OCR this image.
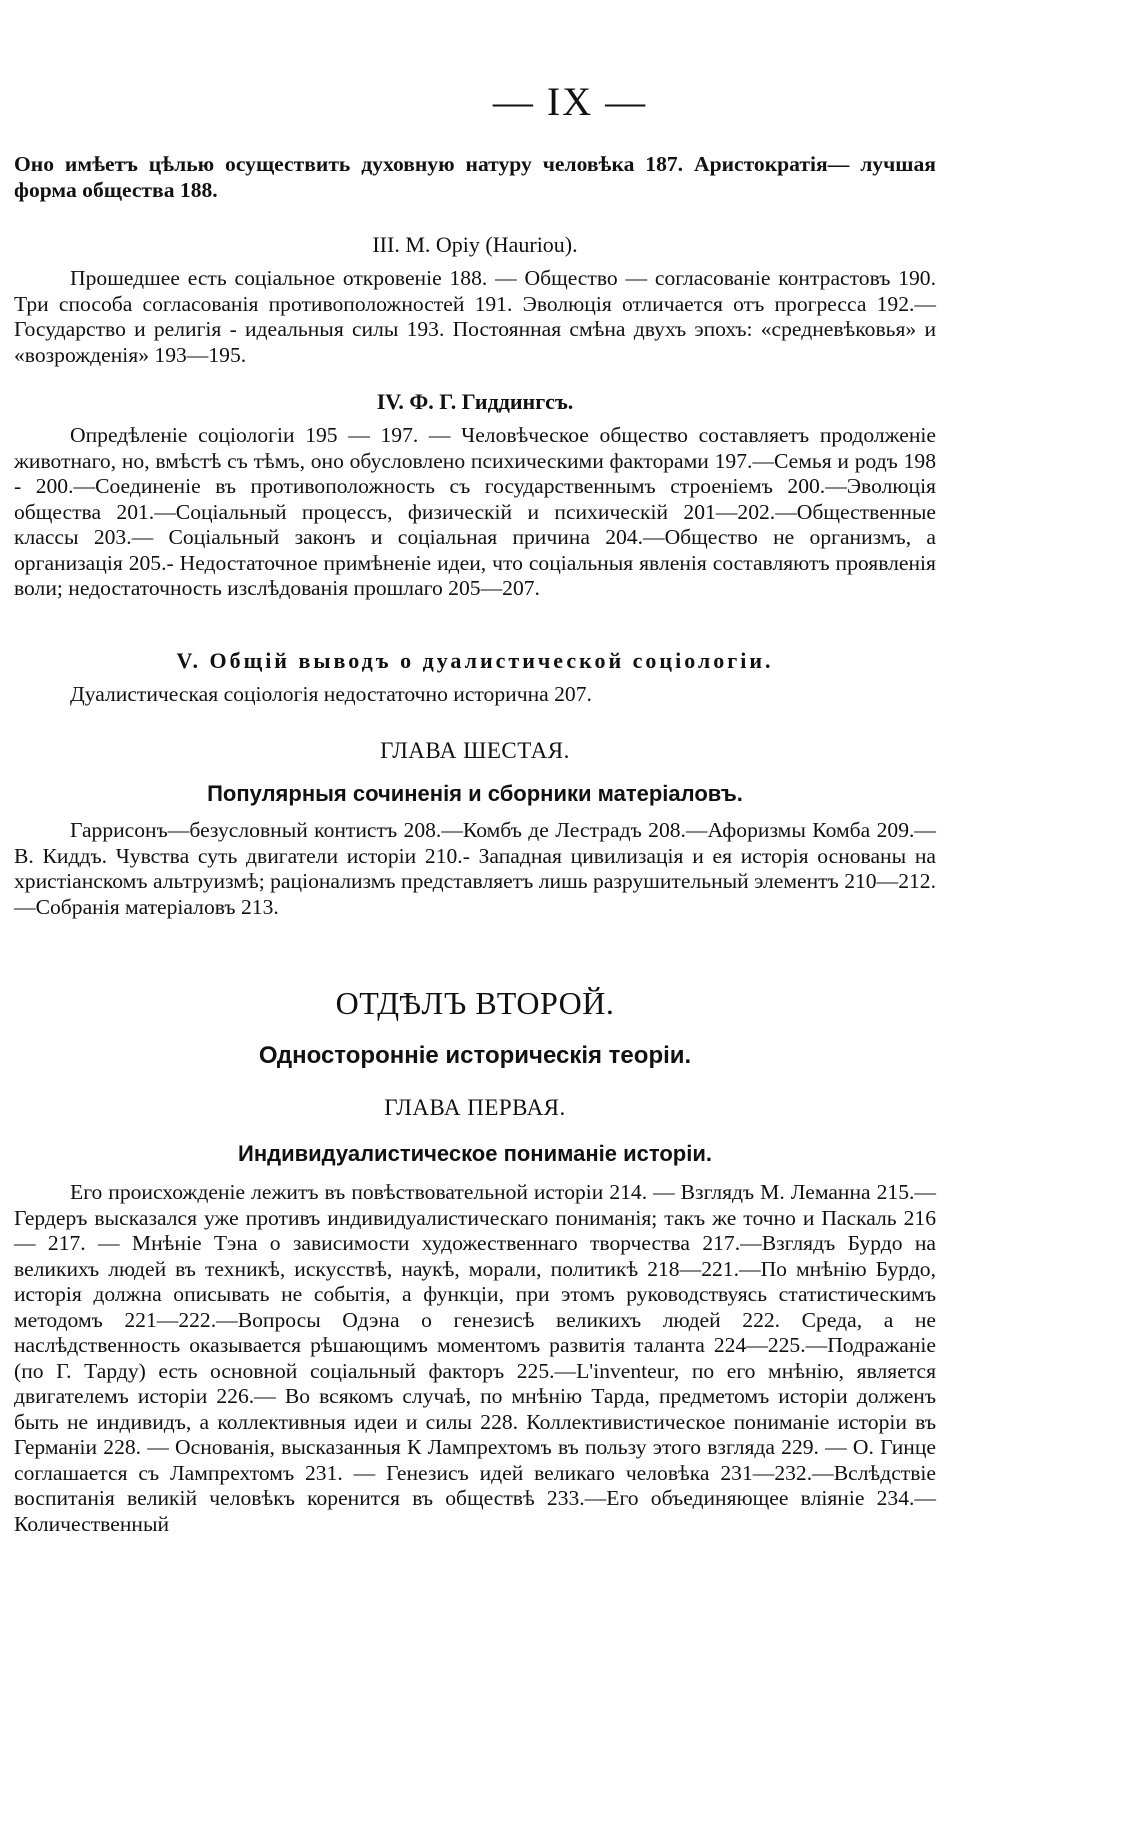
— IX —

Оно имѣетъ цѣлью осуществить духовную натуру человѣка 187. Аристократія— лучшая форма общества 188.

III. М. Оріу (Hauriou).

Прошедшее есть соціальное откровеніе 188. — Общество — согласованіе контрастовъ 190. Три способа согласованія противоположностей 191. Эволюція отличается отъ прогресса 192.—Государство и религія - идеальныя силы 193. Постоянная смѣна двухъ эпохъ: «средневѣковья» и «возрожденія» 193—195.

IV. Ф. Г. Гиддингсъ.

Опредѣленіе соціологіи 195 — 197. — Человѣческое общество составляетъ продолженіе животнаго, но, вмѣстѣ съ тѣмъ, оно обусловлено психическими факторами 197.—Семья и родъ 198 - 200.—Соединеніе въ противоположность съ государственнымъ строеніемъ 200.—Эволюція общества 201.—Соціальный процессъ, физическій и психическій 201—202.—Общественные классы 203.— Соціальный законъ и соціальная причина 204.—Общество не организмъ, а организація 205.- Недостаточное примѣненіе идеи, что соціальныя явленія составляютъ проявленія воли; недостаточность изслѣдованія прошлаго 205—207.

V. Общій выводъ о дуалистической соціологіи.

Дуалистическая соціологія недостаточно исторична 207.

ГЛАВА ШЕСТАЯ.

Популярныя сочиненія и сборники матеріаловъ.

Гаррисонъ—безусловный контистъ 208.—Комбъ де Лестрадъ 208.—Афоризмы Комба 209.—В. Киддъ. Чувства суть двигатели исторіи 210.- Западная цивилизація и ея исторія основаны на христіанскомъ альтруизмѣ; раціонализмъ представляетъ лишь разрушительный элементъ 210—212.—Собранія матеріаловъ 213.

ОТДѢЛЪ ВТОРОЙ.

Односторонніе историческія теоріи.

ГЛАВА ПЕРВАЯ.

Индивидуалистическое пониманіе исторіи.

Его происхожденіе лежитъ въ повѣствовательной исторіи 214. — Взглядъ М. Леманна 215.—Гердеръ высказался уже противъ индивидуалистическаго пониманія; такъ же точно и Паскаль 216 — 217. — Мнѣніе Тэна о зависимости художественнаго творчества 217.—Взглядъ Бурдо на великихъ людей въ техникѣ, искусствѣ, наукѣ, морали, политикѣ 218—221.—По мнѣнію Бурдо, исторія должна описывать не событія, а функціи, при этомъ руководствуясь статистическимъ методомъ 221—222.—Вопросы Одэна о генезисѣ великихъ людей 222. Среда, а не наслѣдственность оказывается рѣшающимъ моментомъ развитія таланта 224—225.—Подражаніе (по Г. Тарду) есть основной соціальный факторъ 225.—L'inventeur, по его мнѣнію, является двигателемъ исторіи 226.— Во всякомъ случаѣ, по мнѣнію Тарда, предметомъ исторіи долженъ быть не индивидъ, а коллективныя идеи и силы 228. Коллективистическое пониманіе исторіи въ Германіи 228. — Основанія, высказанныя К Лампрехтомъ въ пользу этого взгляда 229. — О. Гинце соглашается съ Лампрехтомъ 231. — Генезисъ идей великаго человѣка 231—232.—Вслѣдствіе воспитанія великій человѣкъ коренится въ обществѣ 233.—Его объединяющее вліяніе 234.—Количественный
